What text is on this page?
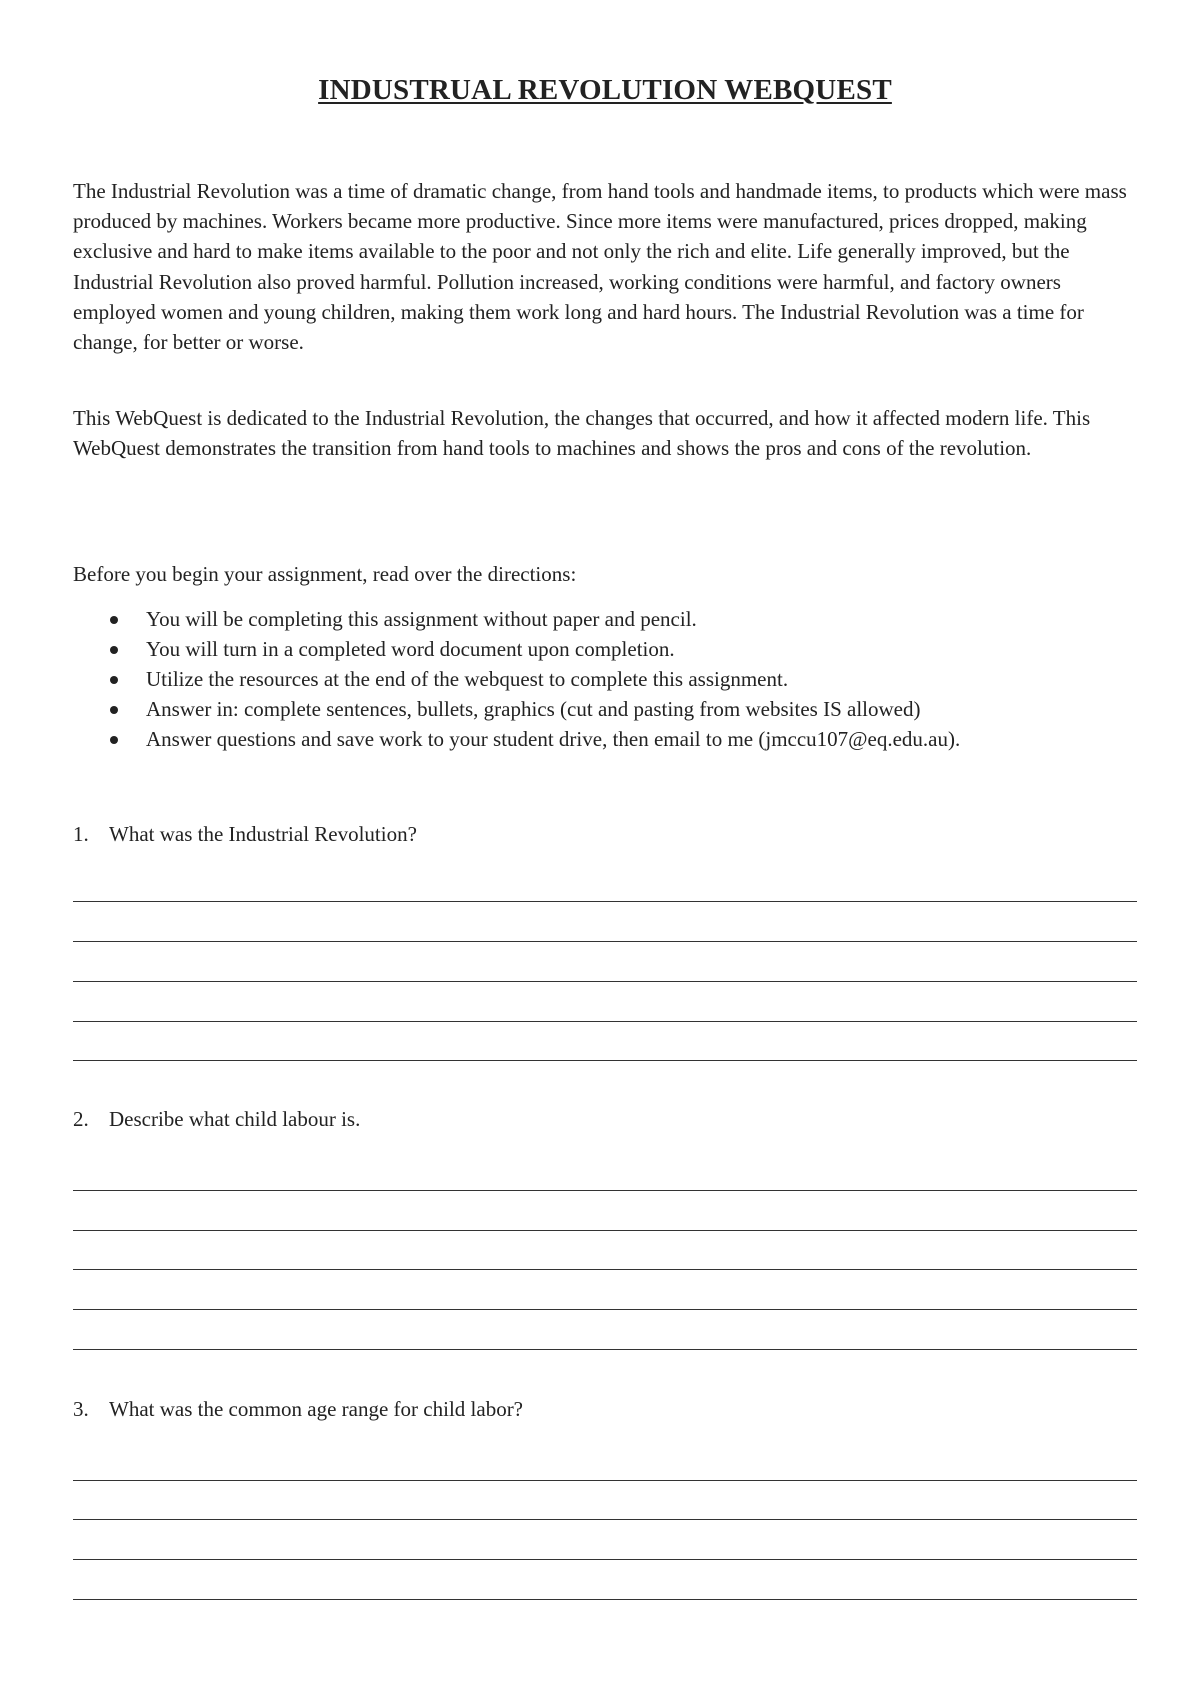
INDUSTRUAL REVOLUTION WEBQUEST

The Industrial Revolution was a time of dramatic change, from hand tools and handmade items, to products which were mass produced by machines. Workers became more productive. Since more items were manufactured, prices dropped, making exclusive and hard to make items available to the poor and not only the rich and elite. Life generally improved, but the Industrial Revolution also proved harmful. Pollution increased, working conditions were harmful, and factory owners employed women and young children, making them work long and hard hours. The Industrial Revolution was a time for change, for better or worse.

This WebQuest is dedicated to the Industrial Revolution, the changes that occurred, and how it affected modern life. This WebQuest demonstrates the transition from hand tools to machines and shows the pros and cons of the revolution.

Before you begin your assignment, read over the directions:

You will be completing this assignment without paper and pencil.
You will turn in a completed word document upon completion.
Utilize the resources at the end of the webquest to complete this assignment.
Answer in: complete sentences, bullets, graphics (cut and pasting from websites IS allowed)
Answer questions and save work to your student drive, then email to me (jmccu107@eq.edu.au).
1. What was the Industrial Revolution?
2. Describe what child labour is.
3. What was the common age range for child labor?
